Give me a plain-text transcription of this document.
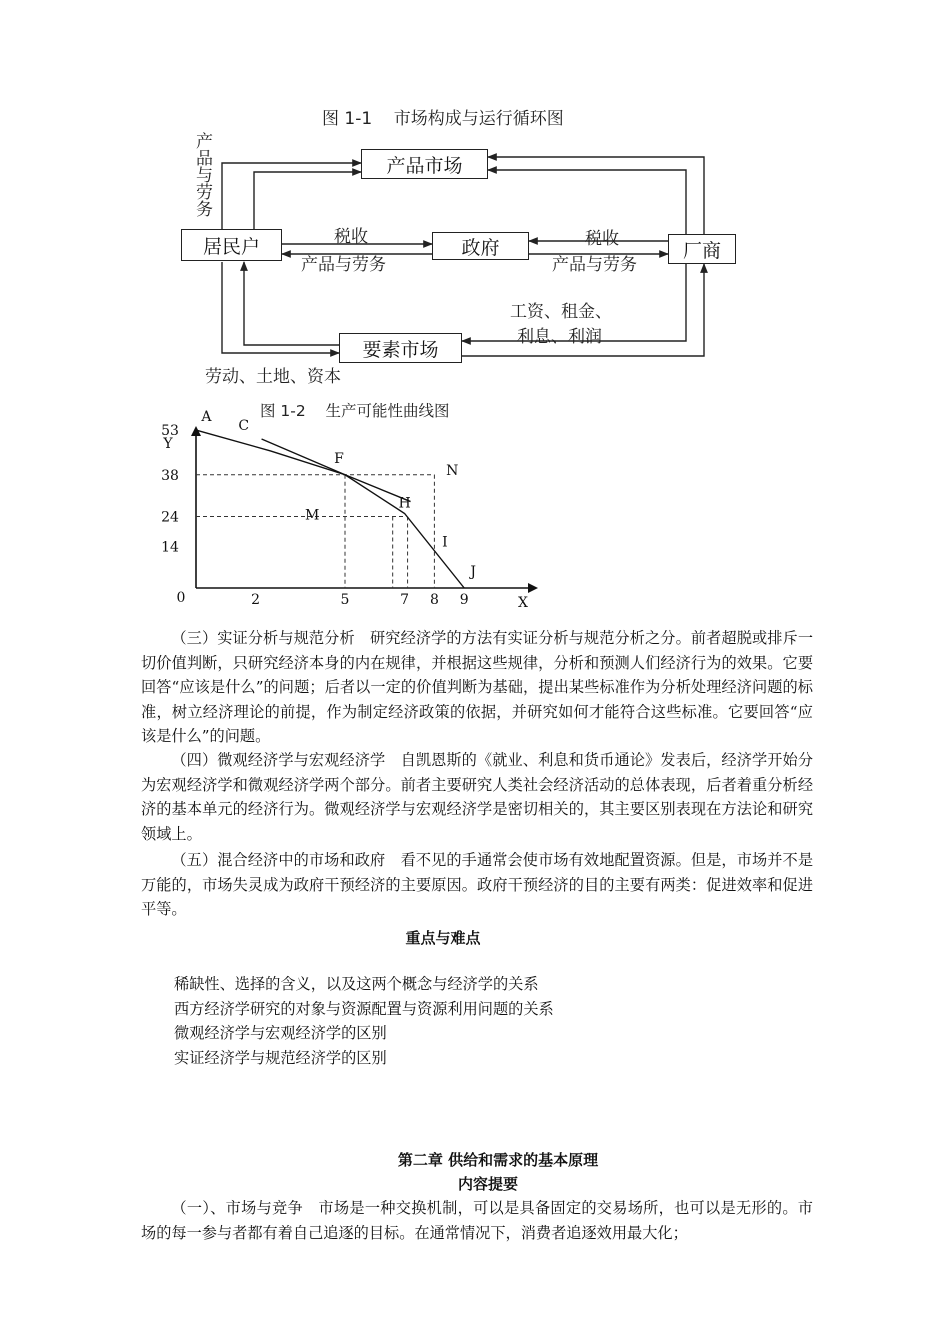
图 1-1    市场构成与运行循环图
产品市场
居民户	政府	厂商
要素市场
产品与劳务
税收
产品与劳务
税收
产品与劳务
工资、租金、
利息、利润
劳动、土地、资本
图 1-2    生产可能性曲线图
Y
X
0	2	5	7 8 9
14
24
38
53
A
C
F
N
H
M
I
J

（三）实证分析与规范分析　研究经济学的方法有实证分析与规范分析之分。前者超脱或排斥一切价值判断，只研究经济本身的内在规律，并根据这些规律，分析和预测人们经济行为的效果。它要回答“应该是什么”的问题；后者以一定的价值判断为基础，提出某些标准作为分析处理经济问题的标准，树立经济理论的前提，作为制定经济政策的依据，并研究如何才能符合这些标准。它要回答“应该是什么”的问题。

（四）微观经济学与宏观经济学　自凯恩斯的《就业、利息和货币通论》发表后，经济学开始分为宏观经济学和微观经济学两个部分。前者主要研究人类社会经济活动的总体表现，后者着重分析经济的基本单元的经济行为。微观经济学与宏观经济学是密切相关的，其主要区别表现在方法论和研究领域上。

（五）混合经济中的市场和政府　看不见的手通常会使市场有效地配置资源。但是，市场并不是万能的，市场失灵成为政府干预经济的主要原因。政府干预经济的目的主要有两类：促进效率和促进平等。

重点与难点
稀缺性、选择的含义，以及这两个概念与经济学的关系
西方经济学研究的对象与资源配置与资源利用问题的关系
微观经济学与宏观经济学的区别
实证经济学与规范经济学的区别
第二章 供给和需求的基本原理
内容提要

（一）、市场与竞争　市场是一种交换机制，可以是具备固定的交易场所，也可以是无形的。市场的每一参与者都有着自己追逐的目标。在通常情况下，消费者追逐效用最大化；
